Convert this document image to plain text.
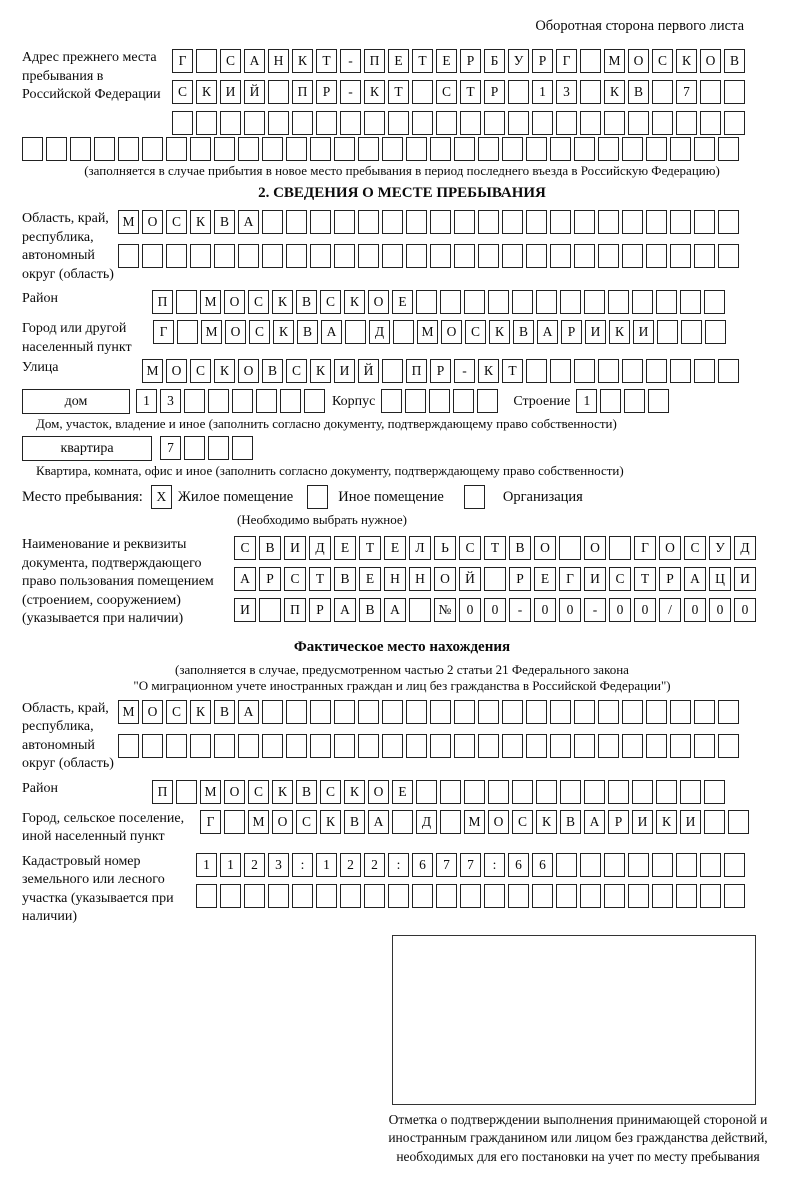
Оборотная сторона первого листа
Адрес прежнего места пребывания в Российской Федерации
Г	С	А	Н	К	Т	-	П	Е	Т	Е	Р	Б	У	Р	Г	М О	С	К	О	В
С	К	И	Й	П	Р	-	К	Т	С	Т	Р	1	3	К	В	7
(заполняется в случае прибытия в новое место пребывания в период последнего въезда в Российскую Федерацию)
2. СВЕДЕНИЯ О МЕСТЕ ПРЕБЫВАНИЯ
Область, край, республика, автономный округ (область)
М О	С	К	В	А
Район	П	М О	С	К	В	С	К	О	Е
Город или другой населенный пункт
Г	М О	С	К	В	А	Д	М О	С	К	В	А	Р	И	К	И
Улица	М О	С	К	О	В	С	К	И	Й	П	Р	-	К	Т
дом	1	3	Корпус	Строение 1
Дом, участок, владение и иное (заполнить согласно документу, подтверждающему право собственности)
квартира	7
Квартира, комната, офис и иное (заполнить согласно документу, подтверждающему право собственности)
Место пребывания:	X Жилое помещение	Иное помещение	Организация
(Необходимо выбрать нужное)
Наименование и реквизиты документа, подтверждающего право пользования помещением (строением, сооружением) (указывается при наличии)
С	В	И	Д	Е	Т	Е	Л	Ь	С	Т	В	О	О	Г	О	С	У	Д
А	Р	С	Т	В	Е	Н	Н	О	Й	Р	Е	Г	И	С	Т	Р	А	Ц	И
И	П	Р	А	В	А	№	0	0	-	0	0	-	0	0	/	0	0	0
Фактическое место нахождения
(заполняется в случае, предусмотренном частью 2 статьи 21 Федерального закона
"О миграционном учете иностранных граждан и лиц без гражданства в Российской Федерации")
Область, край, республика, автономный округ (область)
М О	С	К	В	А
Район	П	М О	С	К	В	С	К	О	Е
Город, сельское поселение, иной населенный пункт
Г	М О	С	К	В	А	Д	М О	С	К	В	А	Р	И	К	И
Кадастровый номер земельного или лесного участка (указывается при наличии)
1	1	2	3	:	1	2	2	:	6	7	7	:	6	6
Отметка о подтверждении выполнения принимающей стороной и иностранным гражданином или лицом без гражданства действий, необходимых для его постановки на учет по месту пребывания
